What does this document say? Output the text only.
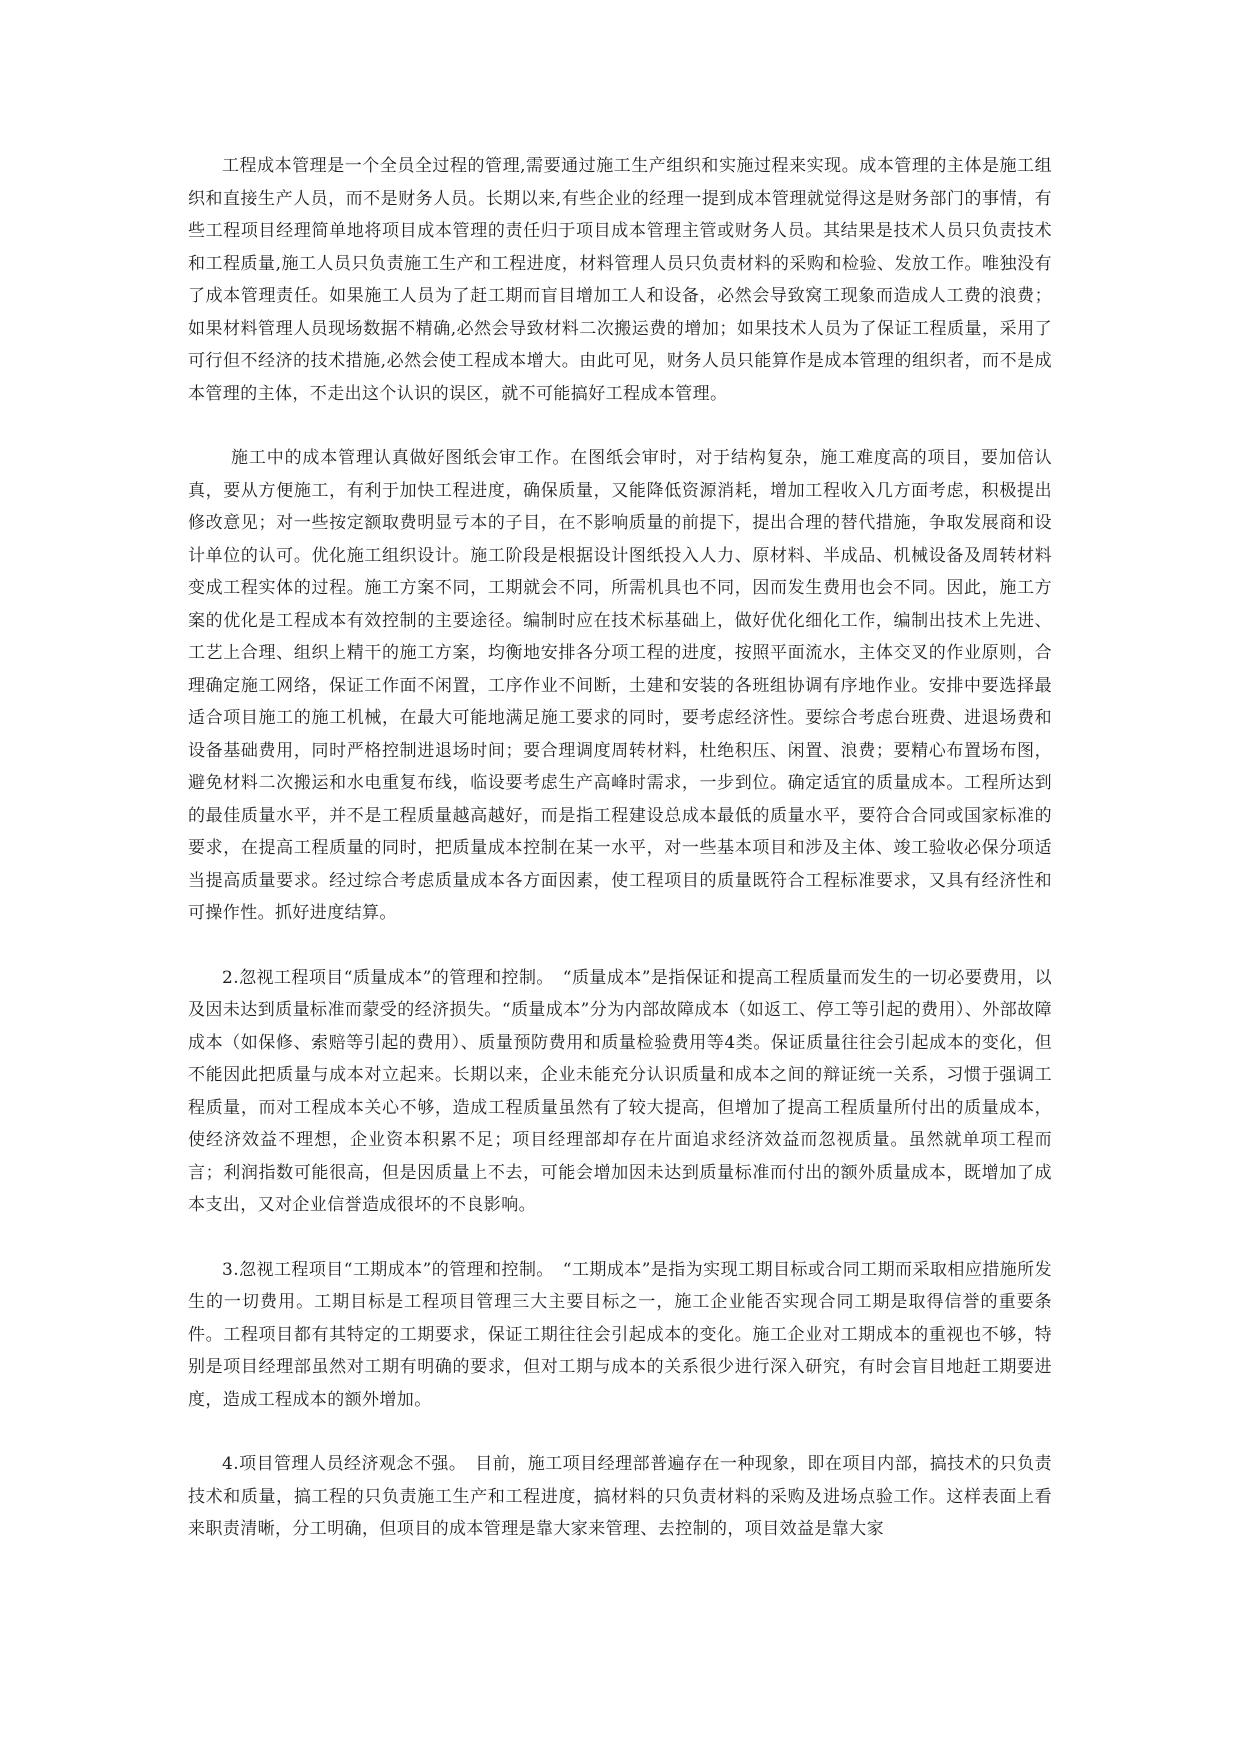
工程成本管理是一个全员全过程的管理,需要通过施工生产组织和实施过程来实现。成本管理的主体是施工组织和直接生产人员，而不是财务人员。长期以来,有些企业的经理一提到成本管理就觉得这是财务部门的事情，有些工程项目经理简单地将项目成本管理的责任归于项目成本管理主管或财务人员。其结果是技术人员只负责技术和工程质量,施工人员只负责施工生产和工程进度，材料管理人员只负责材料的采购和检验、发放工作。唯独没有了成本管理责任。如果施工人员为了赶工期而盲目增加工人和设备，必然会导致窝工现象而造成人工费的浪费；如果材料管理人员现场数据不精确,必然会导致材料二次搬运费的增加；如果技术人员为了保证工程质量，采用了可行但不经济的技术措施,必然会使工程成本增大。由此可见，财务人员只能算作是成本管理的组织者，而不是成本管理的主体，不走出这个认识的误区，就不可能搞好工程成本管理。

施工中的成本管理认真做好图纸会审工作。在图纸会审时，对于结构复杂，施工难度高的项目，要加倍认真，要从方便施工，有利于加快工程进度，确保质量，又能降低资源消耗，增加工程收入几方面考虑，积极提出修改意见；对一些按定额取费明显亏本的子目，在不影响质量的前提下，提出合理的替代措施，争取发展商和设计单位的认可。优化施工组织设计。施工阶段是根据设计图纸投入人力、原材料、半成品、机械设备及周转材料变成工程实体的过程。施工方案不同，工期就会不同，所需机具也不同，因而发生费用也会不同。因此，施工方案的优化是工程成本有效控制的主要途径。编制时应在技术标基础上，做好优化细化工作，编制出技术上先进、工艺上合理、组织上精干的施工方案，均衡地安排各分项工程的进度，按照平面流水，主体交叉的作业原则，合理确定施工网络，保证工作面不闲置，工序作业不间断，土建和安装的各班组协调有序地作业。安排中要选择最适合项目施工的施工机械，在最大可能地满足施工要求的同时，要考虑经济性。要综合考虑台班费、进退场费和设备基础费用，同时严格控制进退场时间；要合理调度周转材料，杜绝积压、闲置、浪费；要精心布置场布图，避免材料二次搬运和水电重复布线，临设要考虑生产高峰时需求，一步到位。确定适宜的质量成本。工程所达到的最佳质量水平，并不是工程质量越高越好，而是指工程建设总成本最低的质量水平，要符合合同或国家标准的要求，在提高工程质量的同时，把质量成本控制在某一水平，对一些基本项目和涉及主体、竣工验收必保分项适当提高质量要求。经过综合考虑质量成本各方面因素，使工程项目的质量既符合工程标准要求，又具有经济性和可操作性。抓好进度结算。

2.忽视工程项目“质量成本”的管理和控制。　“质量成本”是指保证和提高工程质量而发生的一切必要费用，以及因未达到质量标准而蒙受的经济损失。“质量成本”分为内部故障成本（如返工、停工等引起的费用）、外部故障成本（如保修、索赔等引起的费用）、质量预防费用和质量检验费用等4类。保证质量往往会引起成本的变化，但不能因此把质量与成本对立起来。长期以来，企业未能充分认识质量和成本之间的辩证统一关系，习惯于强调工程质量，而对工程成本关心不够，造成工程质量虽然有了较大提高，但增加了提高工程质量所付出的质量成本，使经济效益不理想，企业资本积累不足；项目经理部却存在片面追求经济效益而忽视质量。虽然就单项工程而言；利润指数可能很高，但是因质量上不去，可能会增加因未达到质量标准而付出的额外质量成本，既增加了成本支出，又对企业信誉造成很坏的不良影响。

3.忽视工程项目“工期成本”的管理和控制。　“工期成本”是指为实现工期目标或合同工期而采取相应措施所发生的一切费用。工期目标是工程项目管理三大主要目标之一，施工企业能否实现合同工期是取得信誉的重要条件。工程项目都有其特定的工期要求，保证工期往往会引起成本的变化。施工企业对工期成本的重视也不够，特别是项目经理部虽然对工期有明确的要求，但对工期与成本的关系很少进行深入研究，有时会盲目地赶工期要进度，造成工程成本的额外增加。

4.项目管理人员经济观念不强。　目前，施工项目经理部普遍存在一种现象，即在项目内部，搞技术的只负责技术和质量，搞工程的只负责施工生产和工程进度，搞材料的只负责材料的采购及进场点验工作。这样表面上看来职责清晰，分工明确，但项目的成本管理是靠大家来管理、去控制的，项目效益是靠大家
